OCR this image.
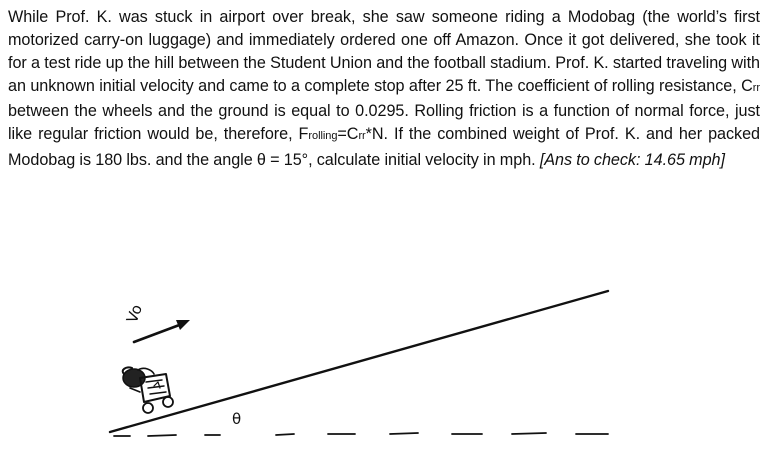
While Prof. K. was stuck in airport over break, she saw someone riding a Modobag (the world’s first motorized carry-on luggage) and immediately ordered one off Amazon. Once it got delivered, she took it for a test ride up the hill between the Student Union and the football stadium. Prof. K. started traveling with an unknown initial velocity and came to a complete stop after 25 ft. The coefficient of rolling resistance, Crr between the wheels and the ground is equal to 0.0295. Rolling friction is a function of normal force, just like regular friction would be, therefore, Frolling=Crr*N. If the combined weight of Prof. K. and her packed Modobag is 180 lbs. and the angle θ = 15°, calculate initial velocity in mph. [Ans to check: 14.65 mph]

θ
Vo
